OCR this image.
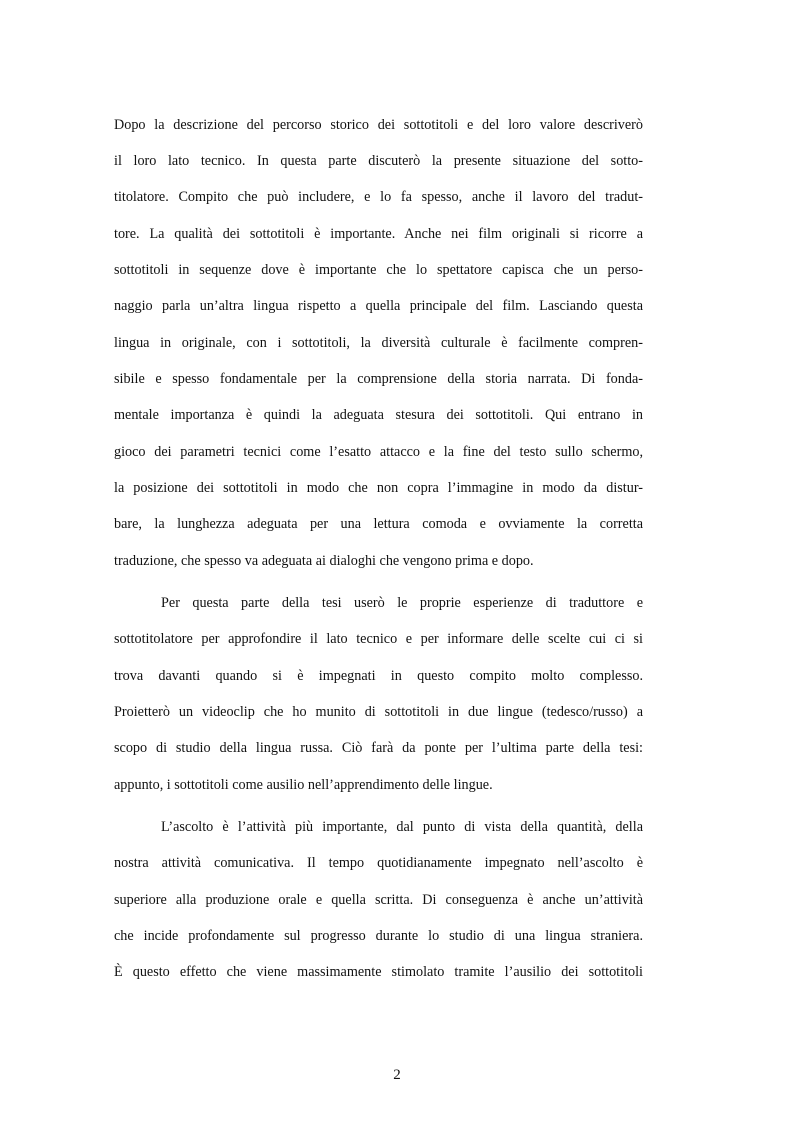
Dopo la descrizione del percorso storico dei sottotitoli e del loro valore descriverò
il loro lato tecnico. In questa parte discuterò la presente situazione del sotto-
titolatore. Compito che può includere, e lo fa spesso, anche il lavoro del tradut-
tore. La qualità dei sottotitoli è importante. Anche nei film originali si ricorre a
sottotitoli in sequenze dove è importante che lo spettatore capisca che un perso-
naggio parla un’altra lingua rispetto a quella principale del film. Lasciando questa
lingua in originale, con i sottotitoli, la diversità culturale è facilmente compren-
sibile e spesso fondamentale per la comprensione della storia narrata. Di fonda-
mentale importanza è quindi la adeguata stesura dei sottotitoli. Qui entrano in
gioco dei parametri tecnici come l’esatto attacco e la fine del testo sullo schermo,
la posizione dei sottotitoli in modo che non copra l’immagine in modo da distur-
bare, la lunghezza adeguata per una lettura comoda e ovviamente la corretta
traduzione, che spesso va adeguata ai dialoghi che vengono prima e dopo.
Per questa parte della tesi userò le proprie esperienze di traduttore e
sottotitolatore per approfondire il lato tecnico e per informare delle scelte cui ci si
trova davanti quando si è impegnati in questo compito molto complesso.
Proietterò un videoclip che ho munito di sottotitoli in due lingue (tedesco/russo) a
scopo di studio della lingua russa. Ciò farà da ponte per l’ultima parte della tesi:
appunto, i sottotitoli come ausilio nell’apprendimento delle lingue.
L’ascolto è l’attività più importante, dal punto di vista della quantità, della
nostra attività comunicativa. Il tempo quotidianamente impegnato nell’ascolto è
superiore alla produzione orale e quella scritta. Di conseguenza è anche un’attività
che incide profondamente sul progresso durante lo studio di una lingua straniera.
È questo effetto che viene massimamente stimolato tramite l’ausilio dei sottotitoli
2
